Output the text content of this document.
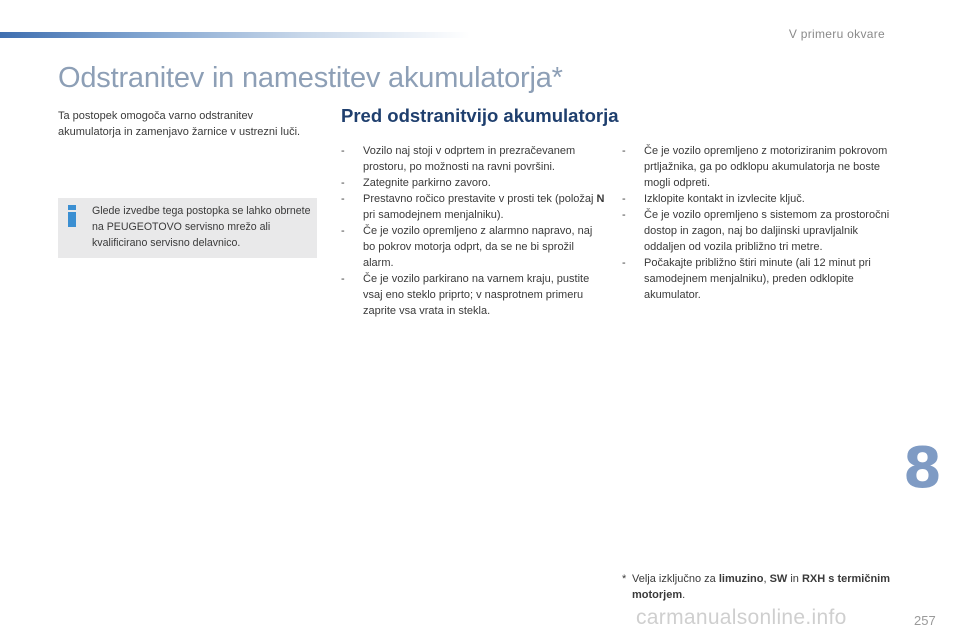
V primeru okvare
Odstranitev in namestitev akumulatorja*

Ta postopek omogoča varno odstranitev akumulatorja in zamenjavo žarnice v ustrezni luči.

Glede izvedbe tega postopka se lahko obrnete na PEUGEOTOVO servisno mrežo ali kvalificirano servisno delavnico.

Pred odstranitvijo akumulatorja
- Vozilo naj stoji v odprtem in prezračevanem prostoru, po možnosti na ravni površini.
- Zategnite parkirno zavoro.
- Prestavno ročico prestavite v prosti tek (položaj N pri samodejnem menjalniku).
- Če je vozilo opremljeno z alarmno napravo, naj bo pokrov motorja odprt, da se ne bi sprožil alarm.
- Če je vozilo parkirano na varnem kraju, pustite vsaj eno steklo priprto; v nasprotnem primeru zaprite vsa vrata in stekla.
- Če je vozilo opremljeno z motoriziranim pokrovom prtljažnika, ga po odklopu akumulatorja ne boste mogli odpreti.
- Izklopite kontakt in izvlecite ključ.
- Če je vozilo opremljeno s sistemom za prostoročni dostop in zagon, naj bo daljinski upravljalnik oddaljen od vozila približno tri metre.
- Počakajte približno štiri minute (ali 12 minut pri samodejnem menjalniku), preden odklopite akumulator.
* Velja izključno za limuzino, SW in RXH s termičnim motorjem.
8
carmanualsonline.info	257
